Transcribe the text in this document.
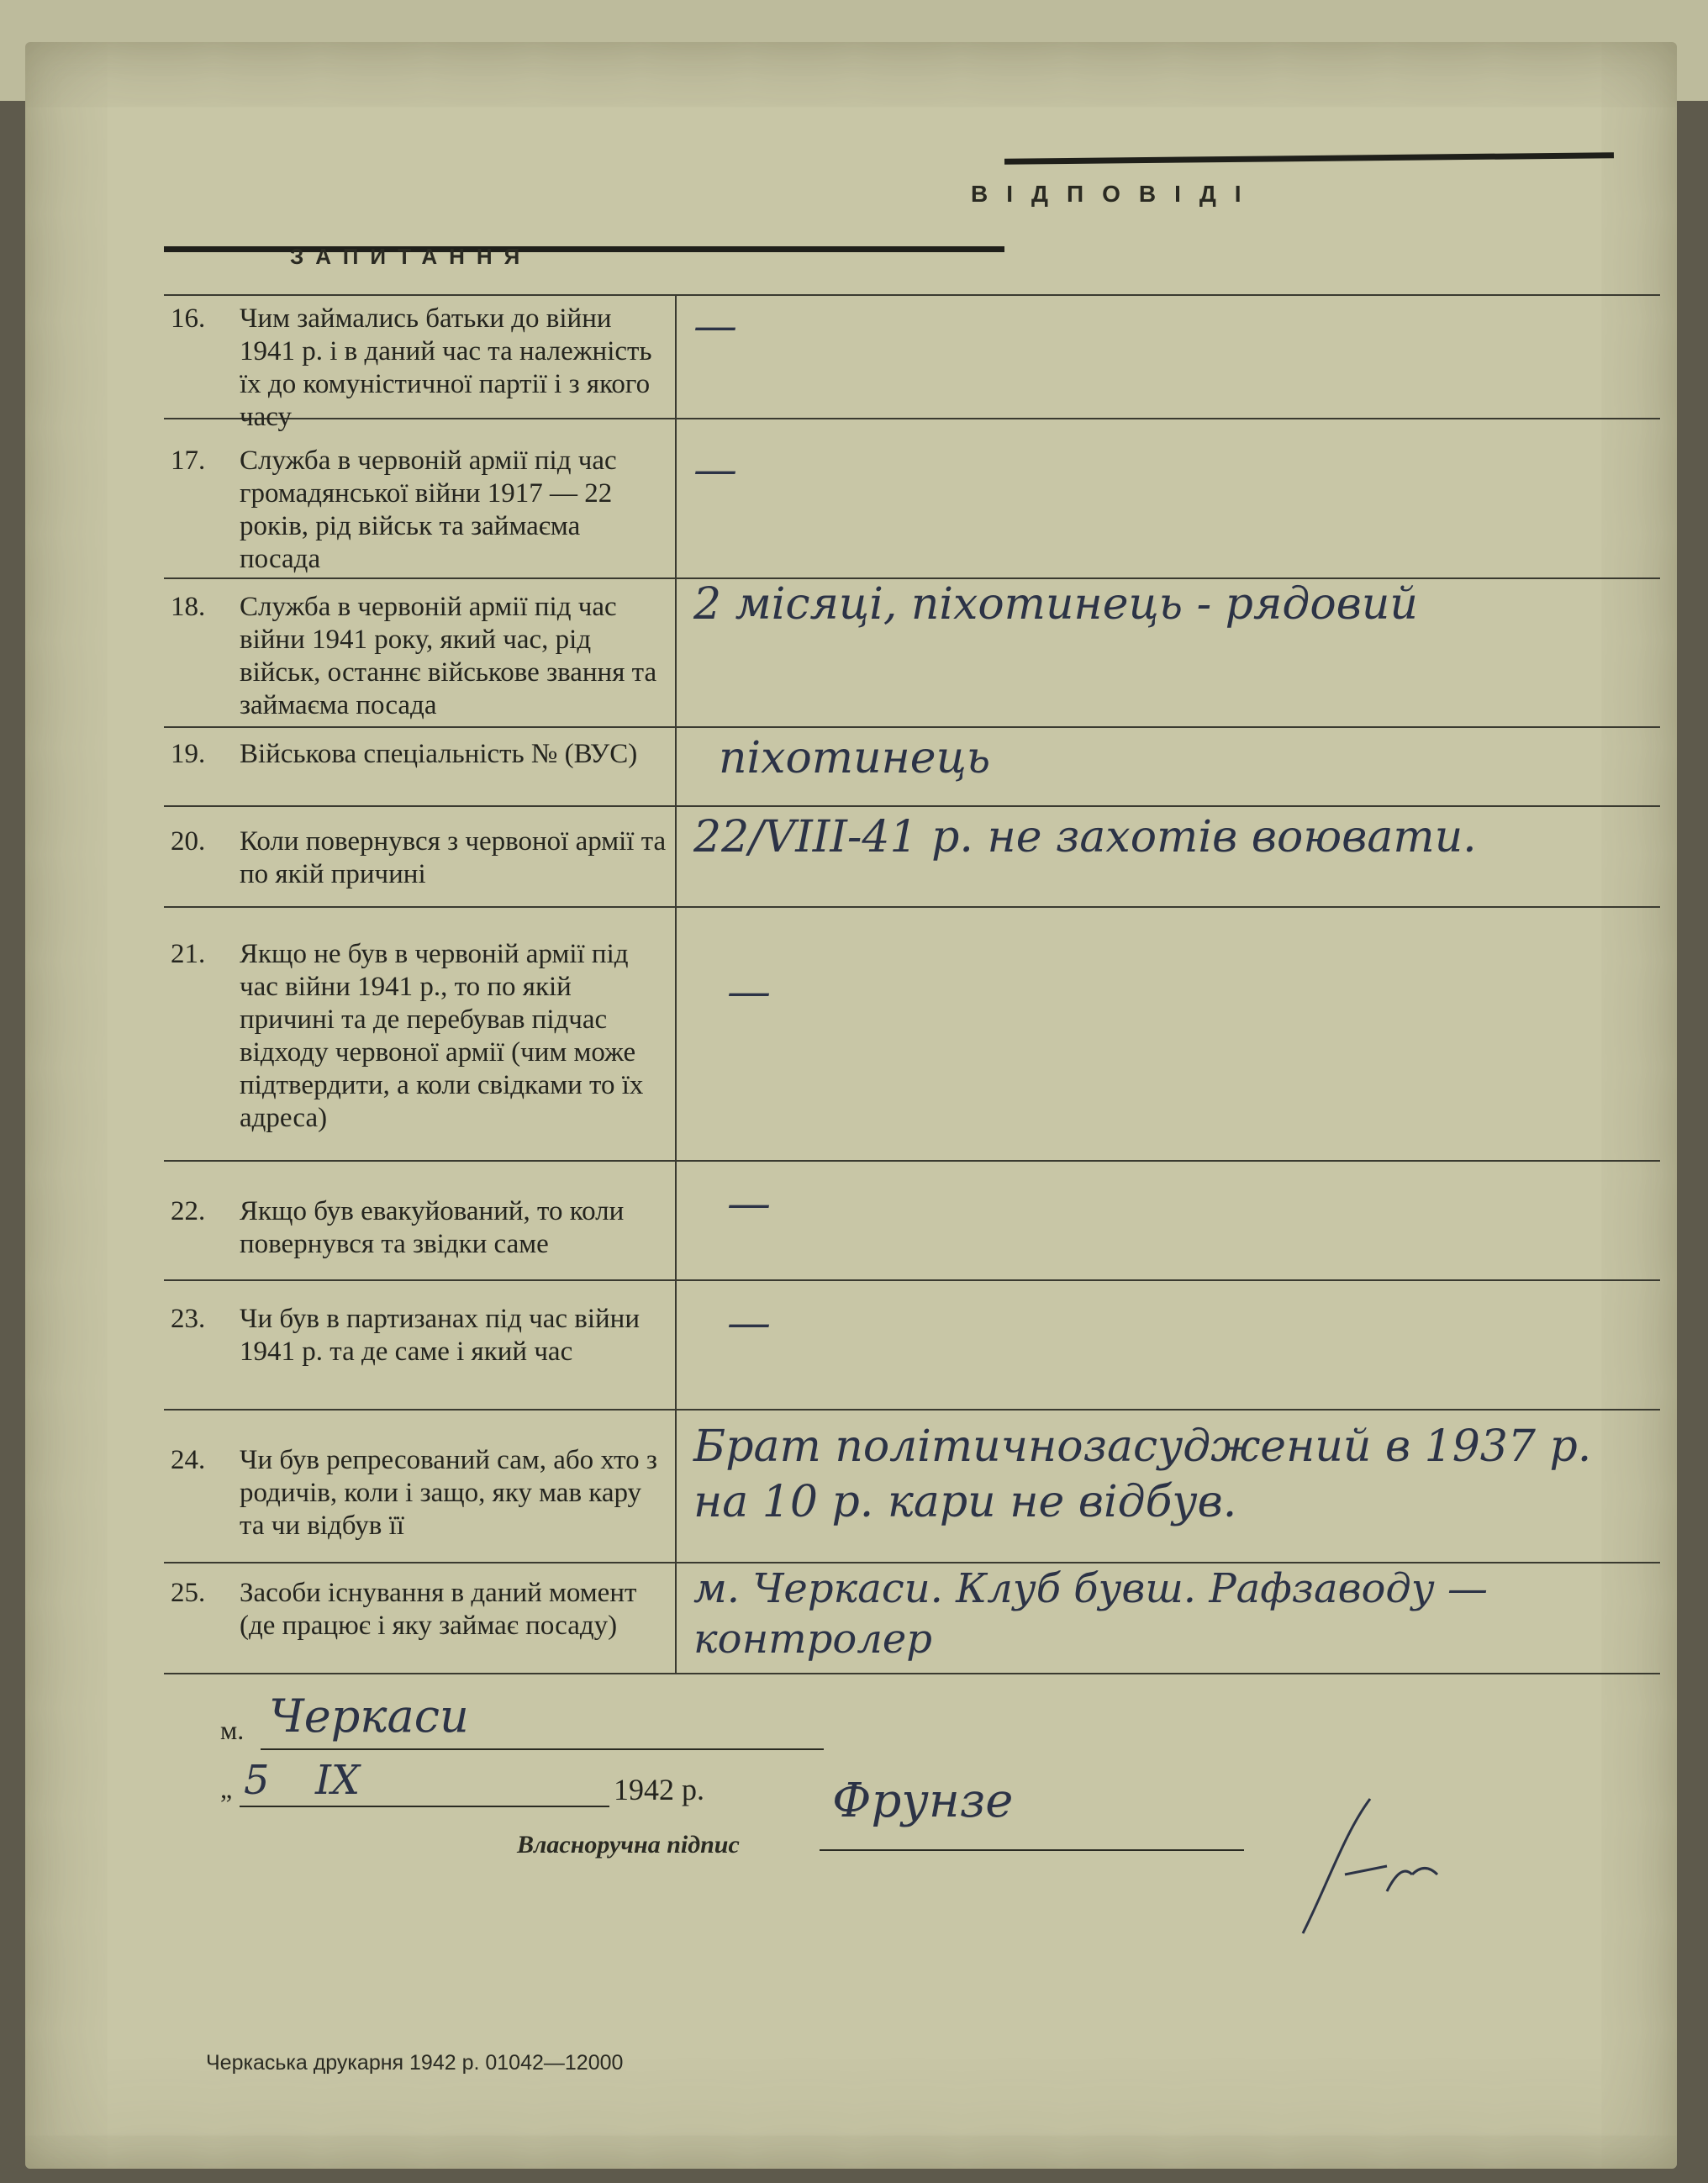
ЗАПИТАННЯ
ВІДПОВІДІ
16. Чим займались батьки до війни 1941 р. і в даний час та належність їх до комуністичної партії і з якого часу
—
17. Служба в червоній армії під час громадянської війни 1917 — 22 років, рід військ та займаєма посада
—
18. Служба в червоній армії під час війни 1941 року, який час, рід військ, останнє військове звання та займаєма посада
2 місяці, піхотинець - рядовий
19. Військова спеціальність № (ВУС)	піхотинець
20. Коли повернувся з червоної армії та по якій причині
22/VIII-41 р. не захотів воювати.
21. Якщо не був в червоній армії під час війни 1941 р., то по якій причині та де перебував підчас відходу червоної армії (чим може підтвердити, а коли свідками то їх адреса)
—
22. Якщо був евакуйований, то коли повернувся та звідки саме
—
23. Чи був в партизанах під час війни 1941 р. та де саме і який час
—
24. Чи був репресований сам, або хто з родичів, коли і защо, яку мав кару та чи відбув її
Брат політичнозасуджений в 1937 р. на 10 р. кари не відбув.
25. Засоби існування в даний момент (де працює і яку займає посаду)
м. Черкаси. Клуб бувш. Рафзаводу — контролер
м. Черкаси
„ 5 IX	1942 р.
Власноручна підпис
Фрунзе
Черкаська друкарня 1942 р. 01042—12000
